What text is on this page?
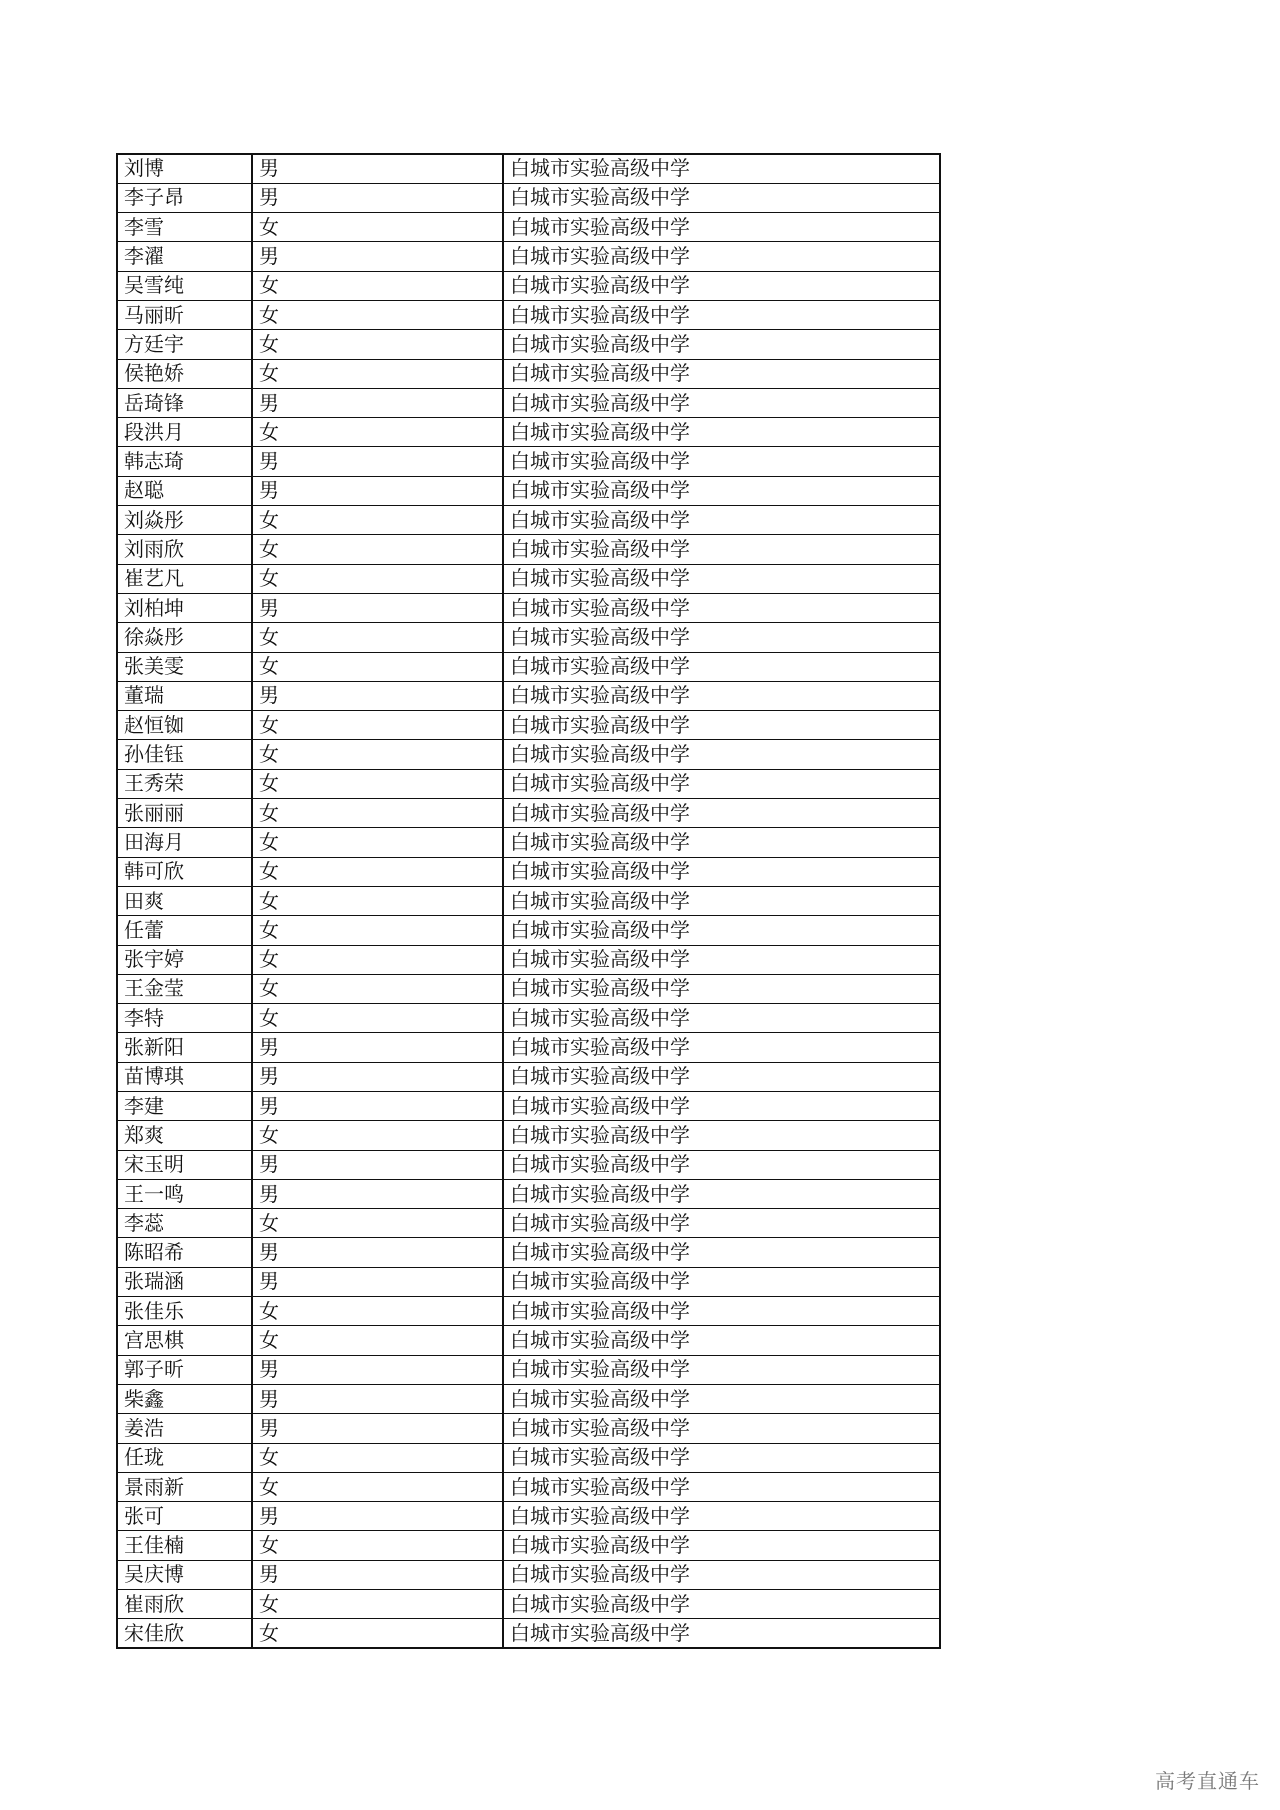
刘博	男	白城市实验高级中学
李子昂	男	白城市实验高级中学
李雪	女	白城市实验高级中学
李濯	男	白城市实验高级中学
吴雪纯	女	白城市实验高级中学
马丽昕	女	白城市实验高级中学
方廷宇	女	白城市实验高级中学
侯艳娇	女	白城市实验高级中学
岳琦锋	男	白城市实验高级中学
段洪月	女	白城市实验高级中学
韩志琦	男	白城市实验高级中学
赵聪	男	白城市实验高级中学
刘焱彤	女	白城市实验高级中学
刘雨欣	女	白城市实验高级中学
崔艺凡	女	白城市实验高级中学
刘柏坤	男	白城市实验高级中学
徐焱彤	女	白城市实验高级中学
张美雯	女	白城市实验高级中学
董瑞	男	白城市实验高级中学
赵恒铷	女	白城市实验高级中学
孙佳钰	女	白城市实验高级中学
王秀荣	女	白城市实验高级中学
张丽丽	女	白城市实验高级中学
田海月	女	白城市实验高级中学
韩可欣	女	白城市实验高级中学
田爽	女	白城市实验高级中学
任蕾	女	白城市实验高级中学
张宇婷	女	白城市实验高级中学
王金莹	女	白城市实验高级中学
李特	女	白城市实验高级中学
张新阳	男	白城市实验高级中学
苗博琪	男	白城市实验高级中学
李建	男	白城市实验高级中学
郑爽	女	白城市实验高级中学
宋玉明	男	白城市实验高级中学
王一鸣	男	白城市实验高级中学
李蕊	女	白城市实验高级中学
陈昭希	男	白城市实验高级中学
张瑞涵	男	白城市实验高级中学
张佳乐	女	白城市实验高级中学
宫思棋	女	白城市实验高级中学
郭子昕	男	白城市实验高级中学
柴鑫	男	白城市实验高级中学
姜浩	男	白城市实验高级中学
任珑	女	白城市实验高级中学
景雨新	女	白城市实验高级中学
张可	男	白城市实验高级中学
王佳楠	女	白城市实验高级中学
吴庆博	男	白城市实验高级中学
崔雨欣	女	白城市实验高级中学
宋佳欣	女	白城市实验高级中学
高考直通车
